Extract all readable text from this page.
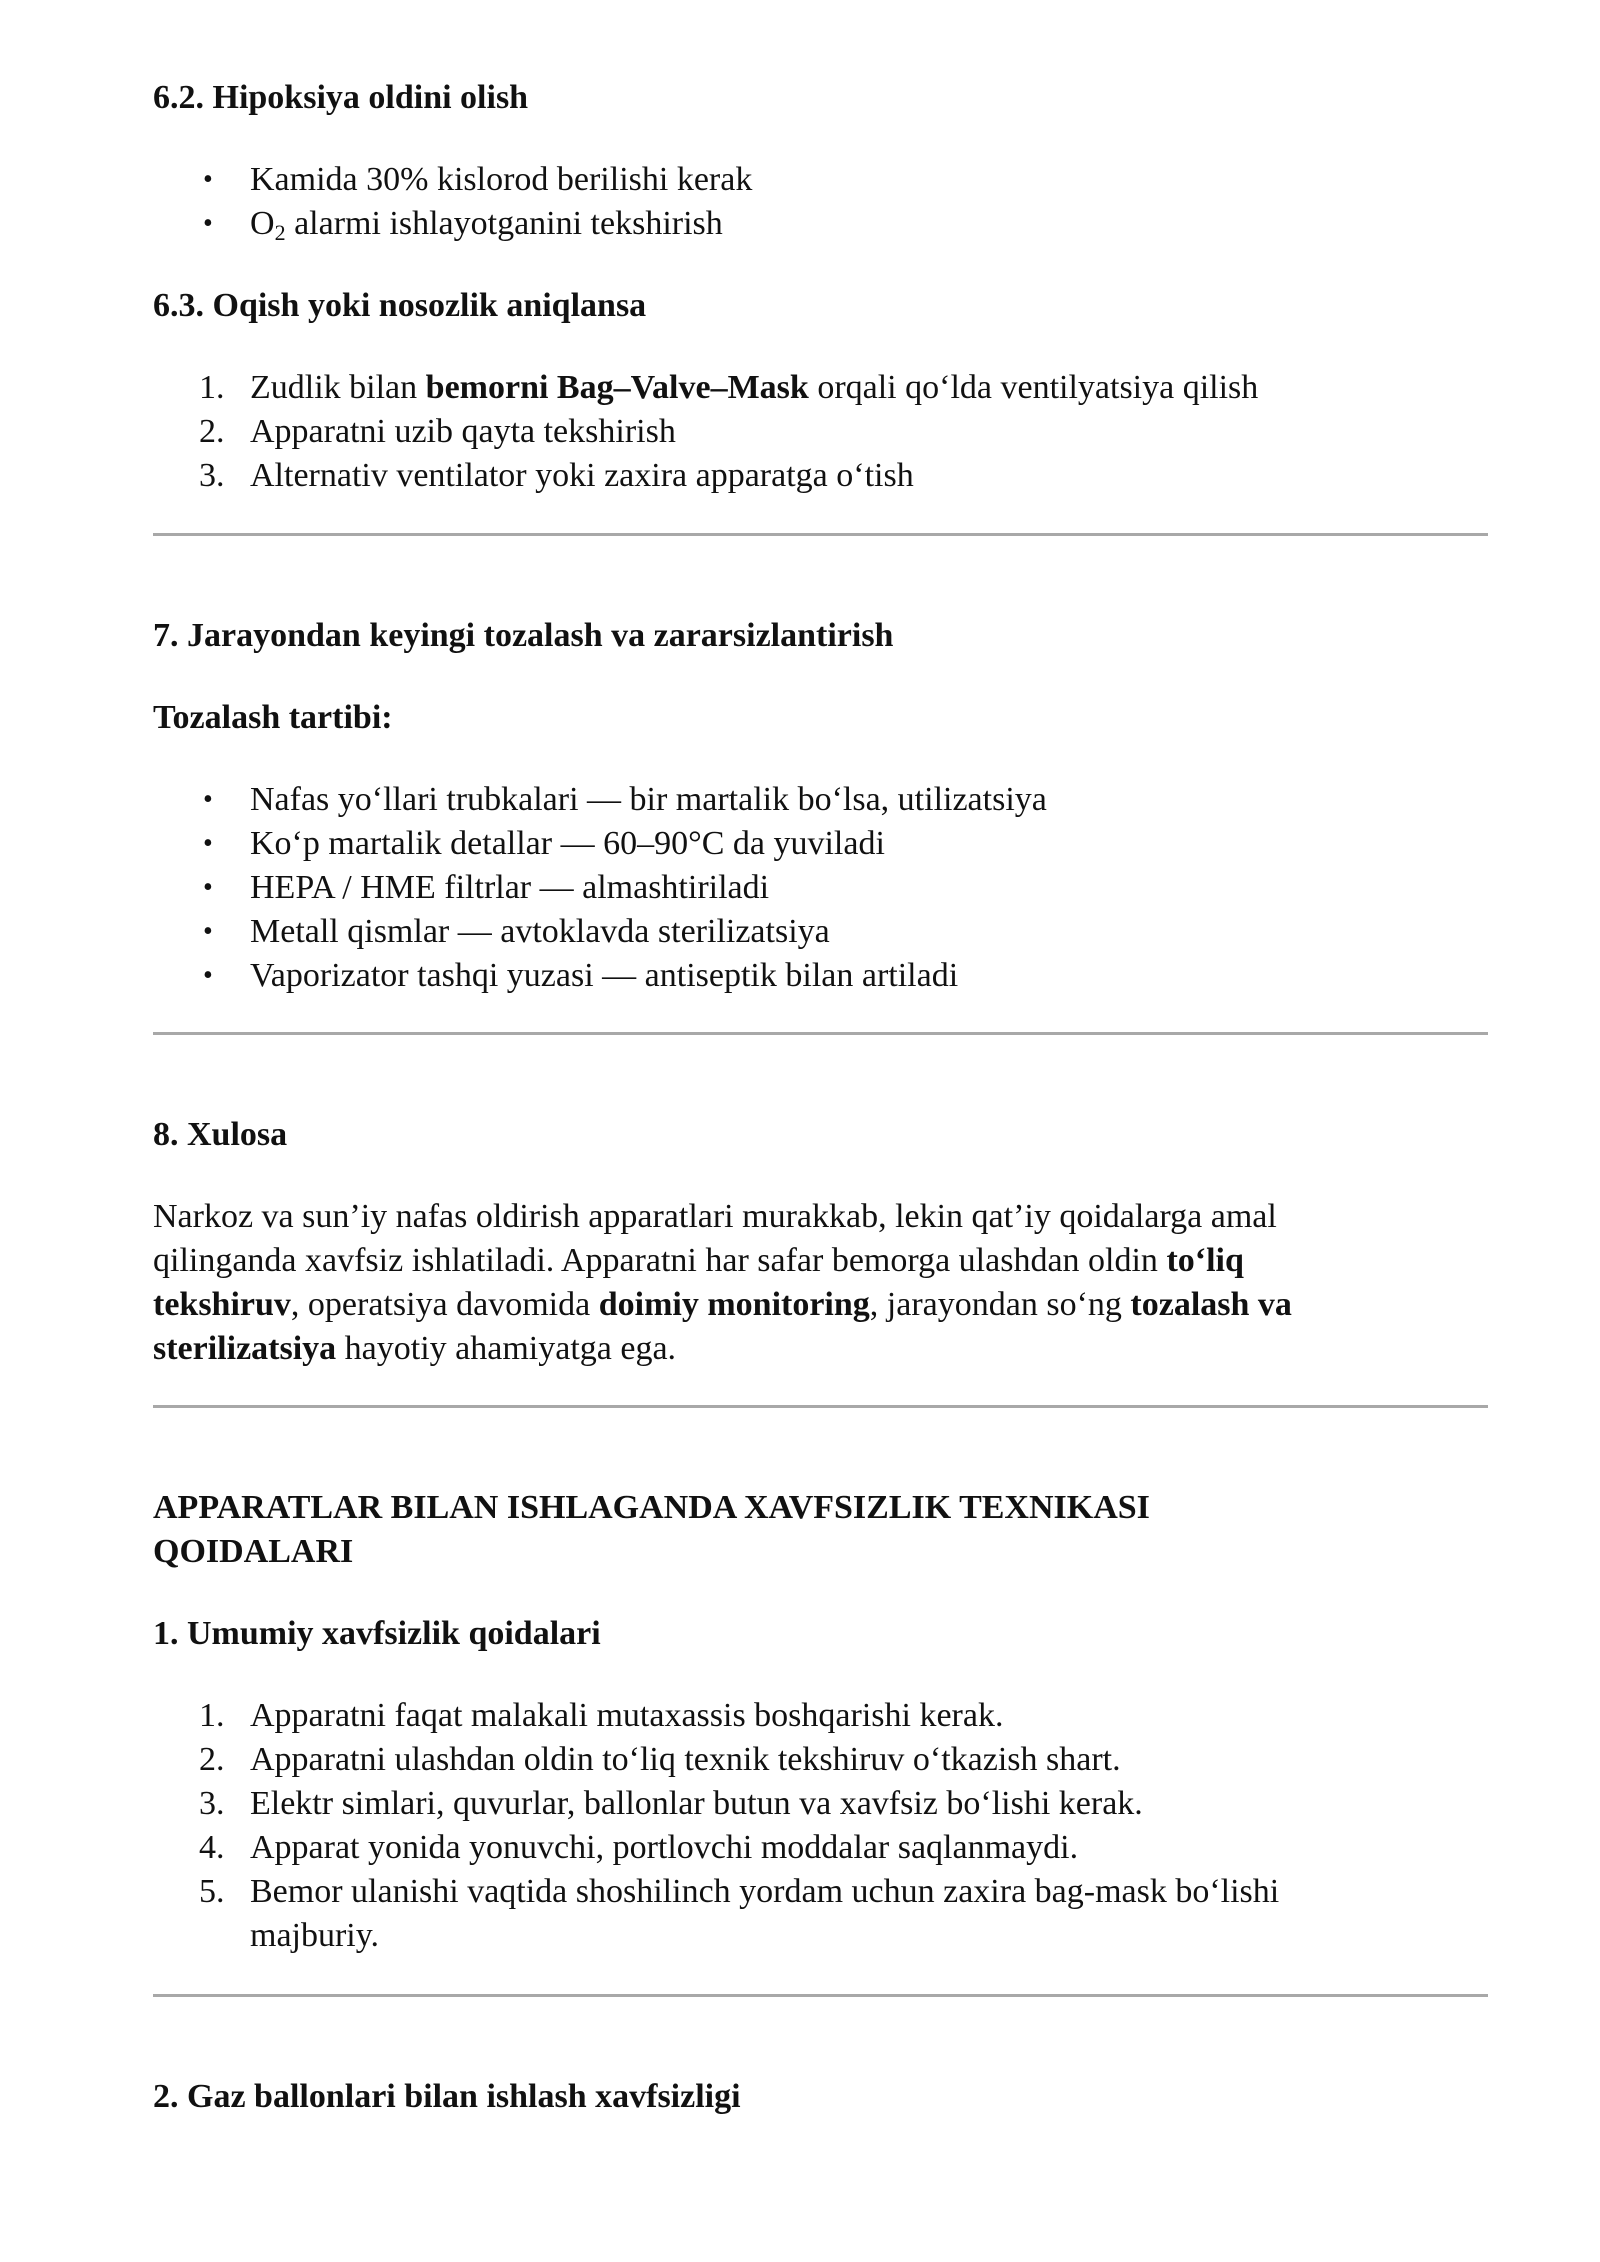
6.2. Hipoksiya oldini olish
• Kamida 30% kislorod berilishi kerak
• $O_2$ alarmi ishlayotganini tekshirish
6.3. Oqish yoki nosozlik aniqlansa
1. Zudlik bilan bemorni Bag–Valve–Mask orqali qo‘lda ventilyatsiya qilish
2. Apparatni uzib qayta tekshirish
3. Alternativ ventilator yoki zaxira apparatga o‘tish
7. Jarayondan keyingi tozalash va zararsizlantirish
Tozalash tartibi:
• Nafas yo‘llari trubkalari — bir martalik bo‘lsa, utilizatsiya
• Ko‘p martalik detallar — 60–90°C da yuviladi
• HEPA / HME filtrlar — almashtiriladi
• Metall qismlar — avtoklavda sterilizatsiya
• Vaporizator tashqi yuzasi — antiseptik bilan artiladi
8. Xulosa
Narkoz va sun’iy nafas oldirish apparatlari murakkab, lekin qat’iy qoidalarga amal
qilinganda xavfsiz ishlatiladi. Apparatni har safar bemorga ulashdan oldin to‘liq
tekshiruv, operatsiya davomida doimiy monitoring, jarayondan so‘ng tozalash va
sterilizatsiya hayotiy ahamiyatga ega.
APPARATLAR BILAN ISHLAGANDA XAVFSIZLIK TEXNIKASI
QOIDALARI
1. Umumiy xavfsizlik qoidalari
1. Apparatni faqat malakali mutaxassis boshqarishi kerak.
2. Apparatni ulashdan oldin to‘liq texnik tekshiruv o‘tkazish shart.
3. Elektr simlari, quvurlar, ballonlar butun va xavfsiz bo‘lishi kerak.
4. Apparat yonida yonuvchi, portlovchi moddalar saqlanmaydi.
5. Bemor ulanishi vaqtida shoshilinch yordam uchun zaxira bag-mask bo‘lishi
majburiy.
2. Gaz ballonlari bilan ishlash xavfsizligi
